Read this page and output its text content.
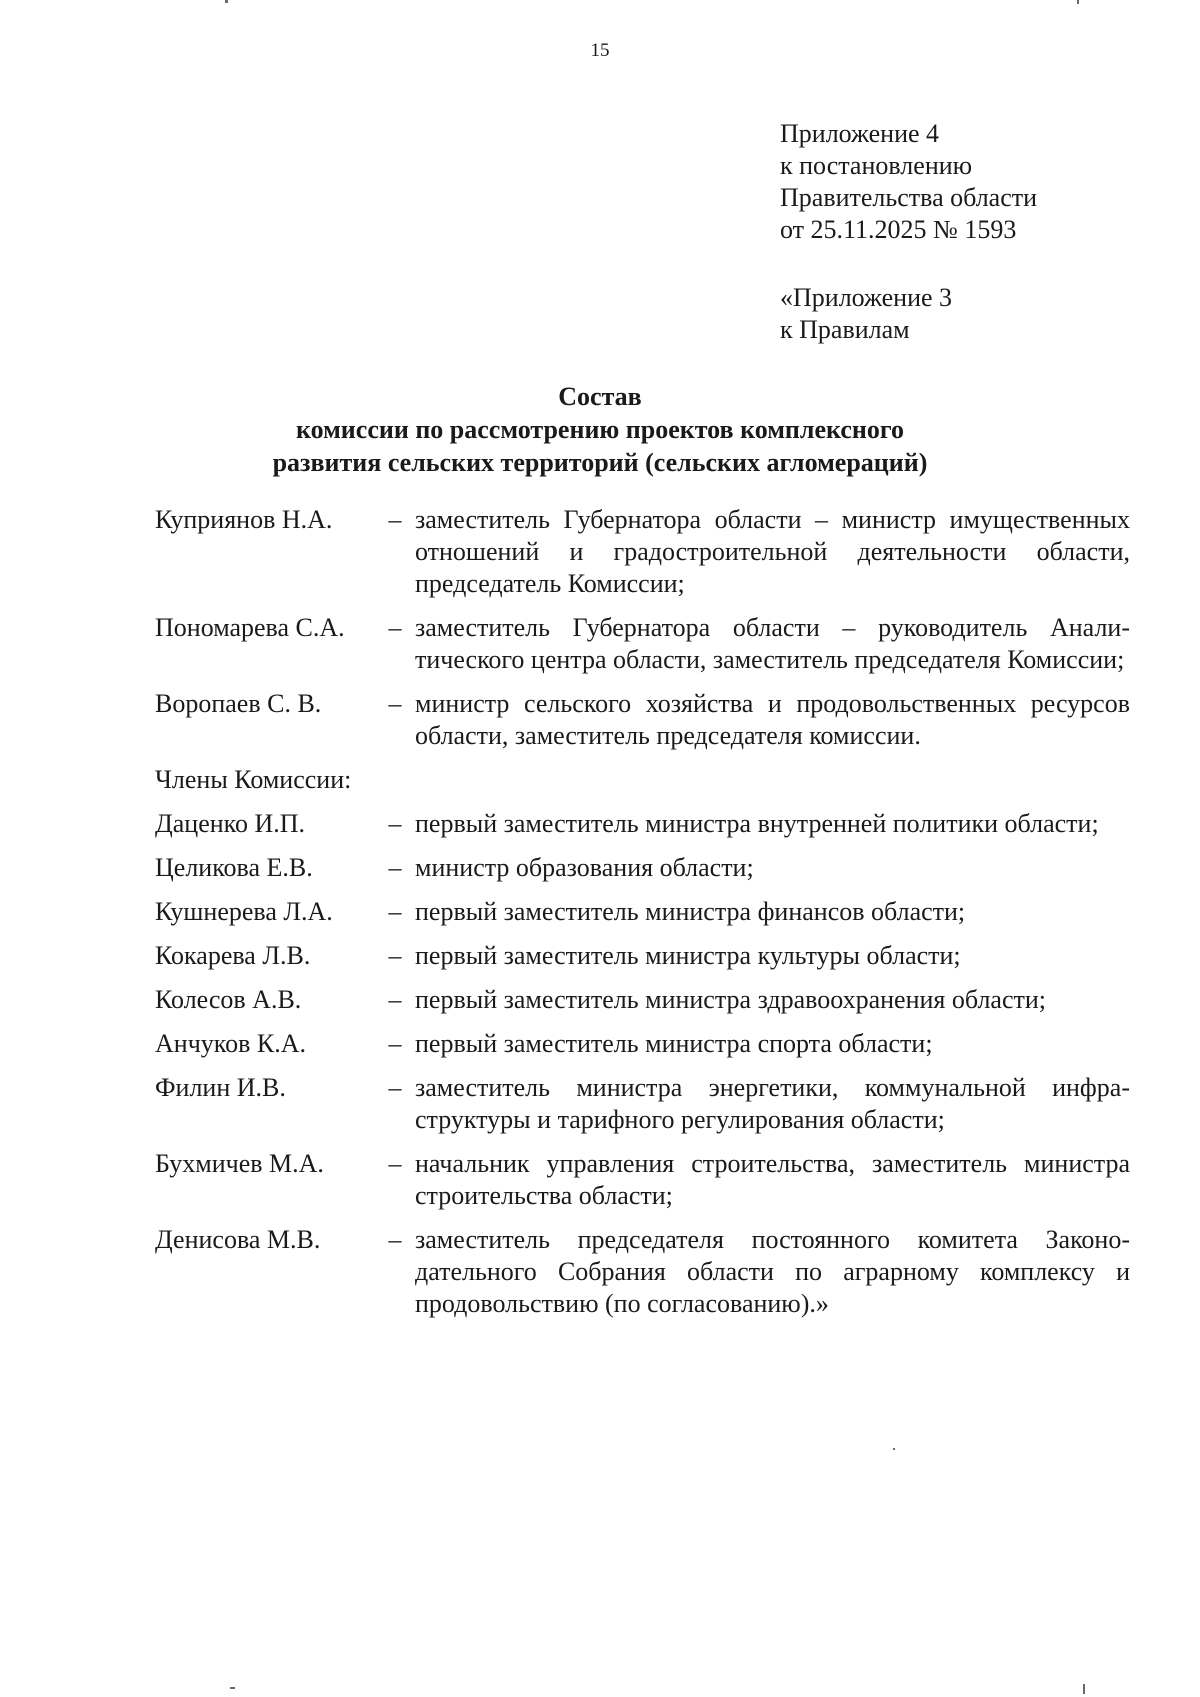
15
Приложение 4
к постановлению
Правительства области
от 25.11.2025 № 1593
«Приложение 3
к Правилам
Состав
комиссии по рассмотрению проектов комплексного
развития сельских территорий (сельских агломераций)
Куприянов Н.А.	– заместитель Губернатора области – министр имущественных отношений и градостроительной деятельности области, председатель Комиссии;
Пономарева С.А.	– заместитель Губернатора области – руководитель Аналитического центра области, заместитель председателя Комиссии;
Воропаев С. В.	– министр сельского хозяйства и продовольственных ресурсов области, заместитель председателя комиссии.
Члены Комиссии:
Даценко И.П.	– первый заместитель министра внутренней политики области;
Целикова Е.В.	– министр образования области;
Кушнерева Л.А.	– первый заместитель министра финансов области;
Кокарева Л.В.	– первый заместитель министра культуры области;
Колесов А.В.	– первый заместитель министра здравоохранения области;
Анчуков К.А.	– первый заместитель министра спорта области;
Филин И.В.	– заместитель министра энергетики, коммунальной инфраструктуры и тарифного регулирования области;
Бухмичев М.А.	– начальник управления строительства, заместитель министра строительства области;
Денисова М.В.	– заместитель председателя постоянного комитета Законодательного Собрания области по аграрному комплексу и продовольствию (по согласованию).»
